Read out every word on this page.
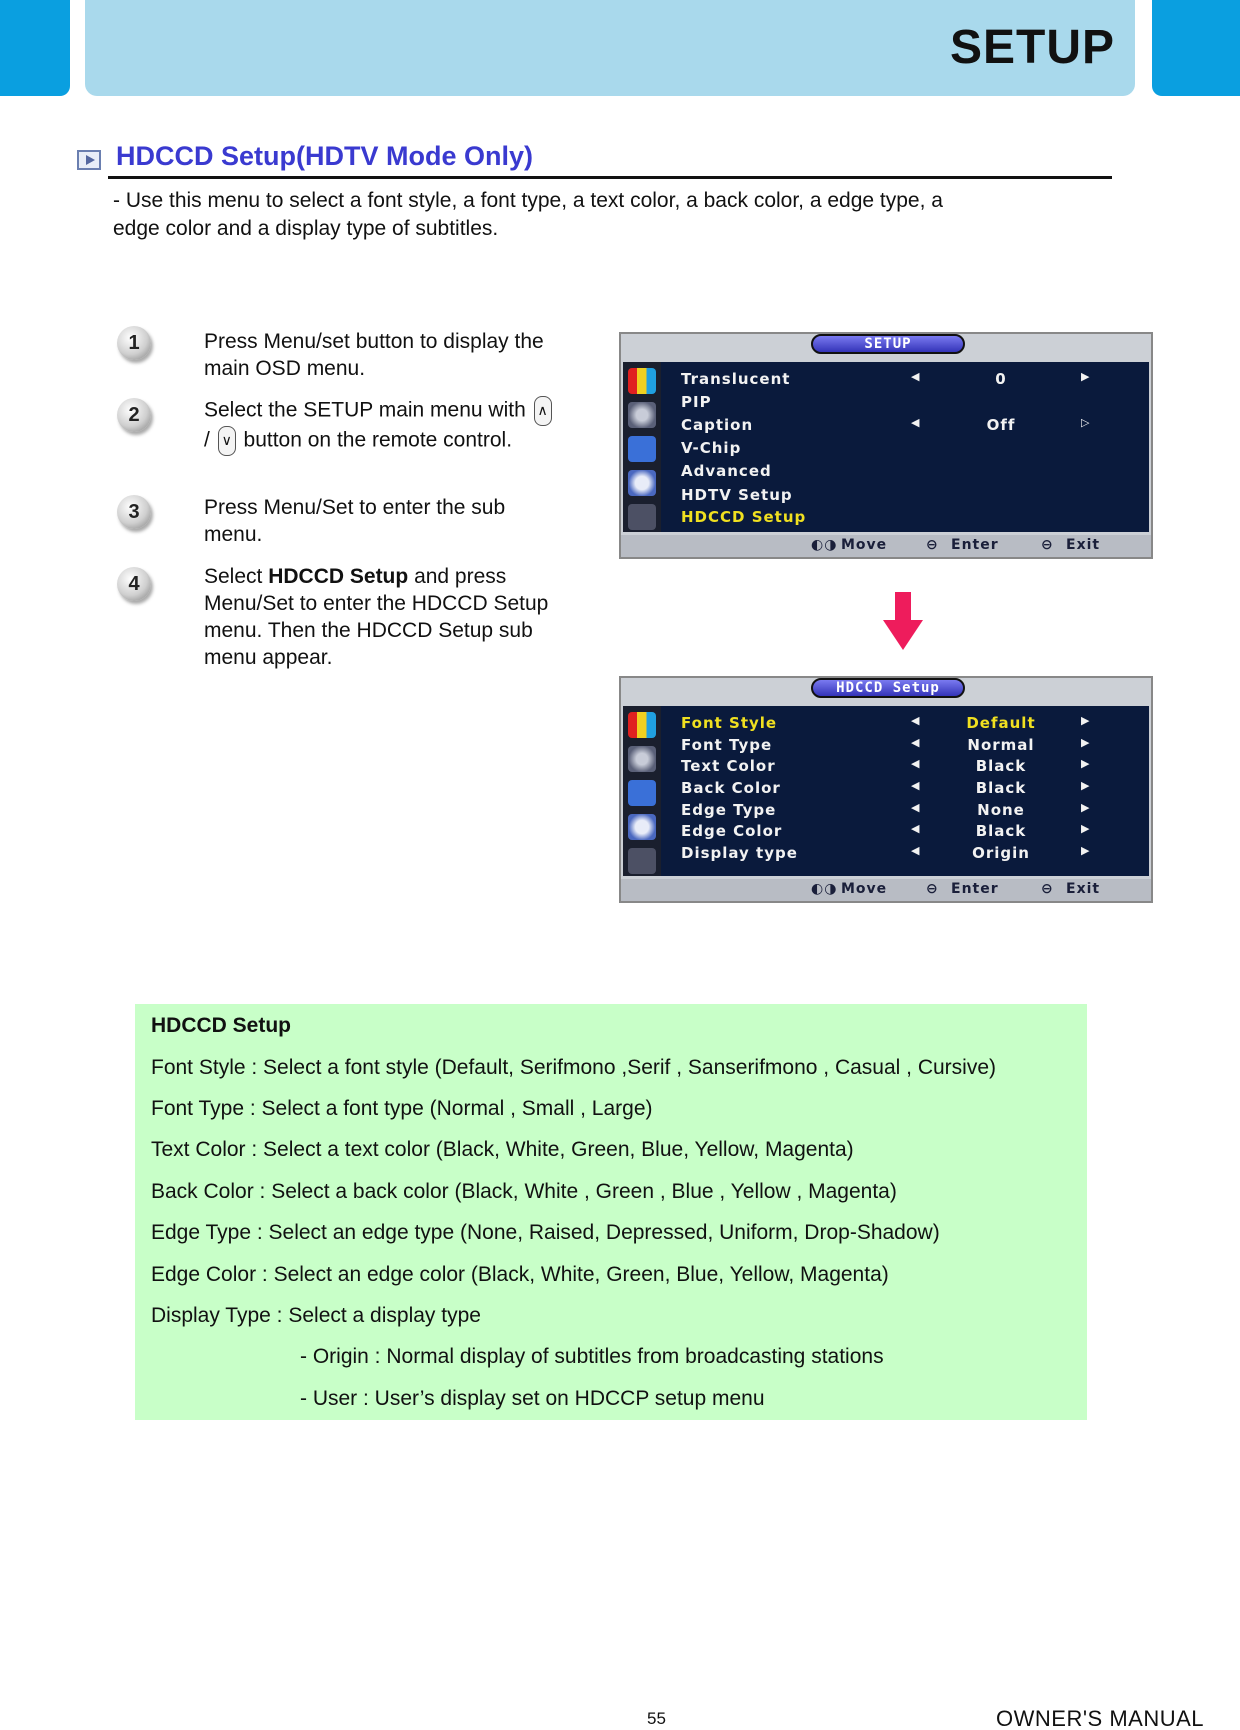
SETUP
HDCCD Setup(HDTV Mode Only)
- Use this menu to select a font style, a font type, a text color, a back color, a edge type, a
edge color and a display type of subtitles.
1	Press Menu/set button to display the main OSD menu.
2	Select the SETUP main menu with ∧ / ∨ button on the remote control.
3	Press Menu/Set to enter the sub menu.
4	Select HDCCD Setup and press Menu/Set to enter the HDCCD Setup menu. Then the HDCCD Setup sub menu appear.
SETUP
Translucent	◀	0	▶
PIP
Caption	◀	Off	▷
V-Chip
Advanced
HDTV Setup
HDCCD Setup
◐◑ Move	⊖ Enter	⊖ Exit
HDCCD Setup
Font Style	◀	Default	▶
Font Type	◀	Normal	▶
Text Color	◀	Black	▶
Back Color	◀	Black	▶
Edge Type	◀	None	▶
Edge Color	◀	Black	▶
Display type	◀	Origin	▶
◐◑ Move	⊖ Enter	⊖ Exit
HDCCD Setup
Font Style : Select a font style (Default, Serifmono ,Serif , Sanserifmono , Casual , Cursive)
Font Type : Select a font type (Normal , Small , Large)
Text Color : Select a text color (Black, White, Green, Blue, Yellow, Magenta)
Back Color : Select a back color (Black, White , Green , Blue , Yellow , Magenta)
Edge Type : Select an edge type (None, Raised, Depressed, Uniform, Drop-Shadow)
Edge Color : Select an edge color (Black, White, Green, Blue, Yellow, Magenta)
Display Type : Select a display type
- Origin : Normal display of subtitles from broadcasting stations
- User : User’s display set on HDCCP setup menu
55	OWNER'S MANUAL
